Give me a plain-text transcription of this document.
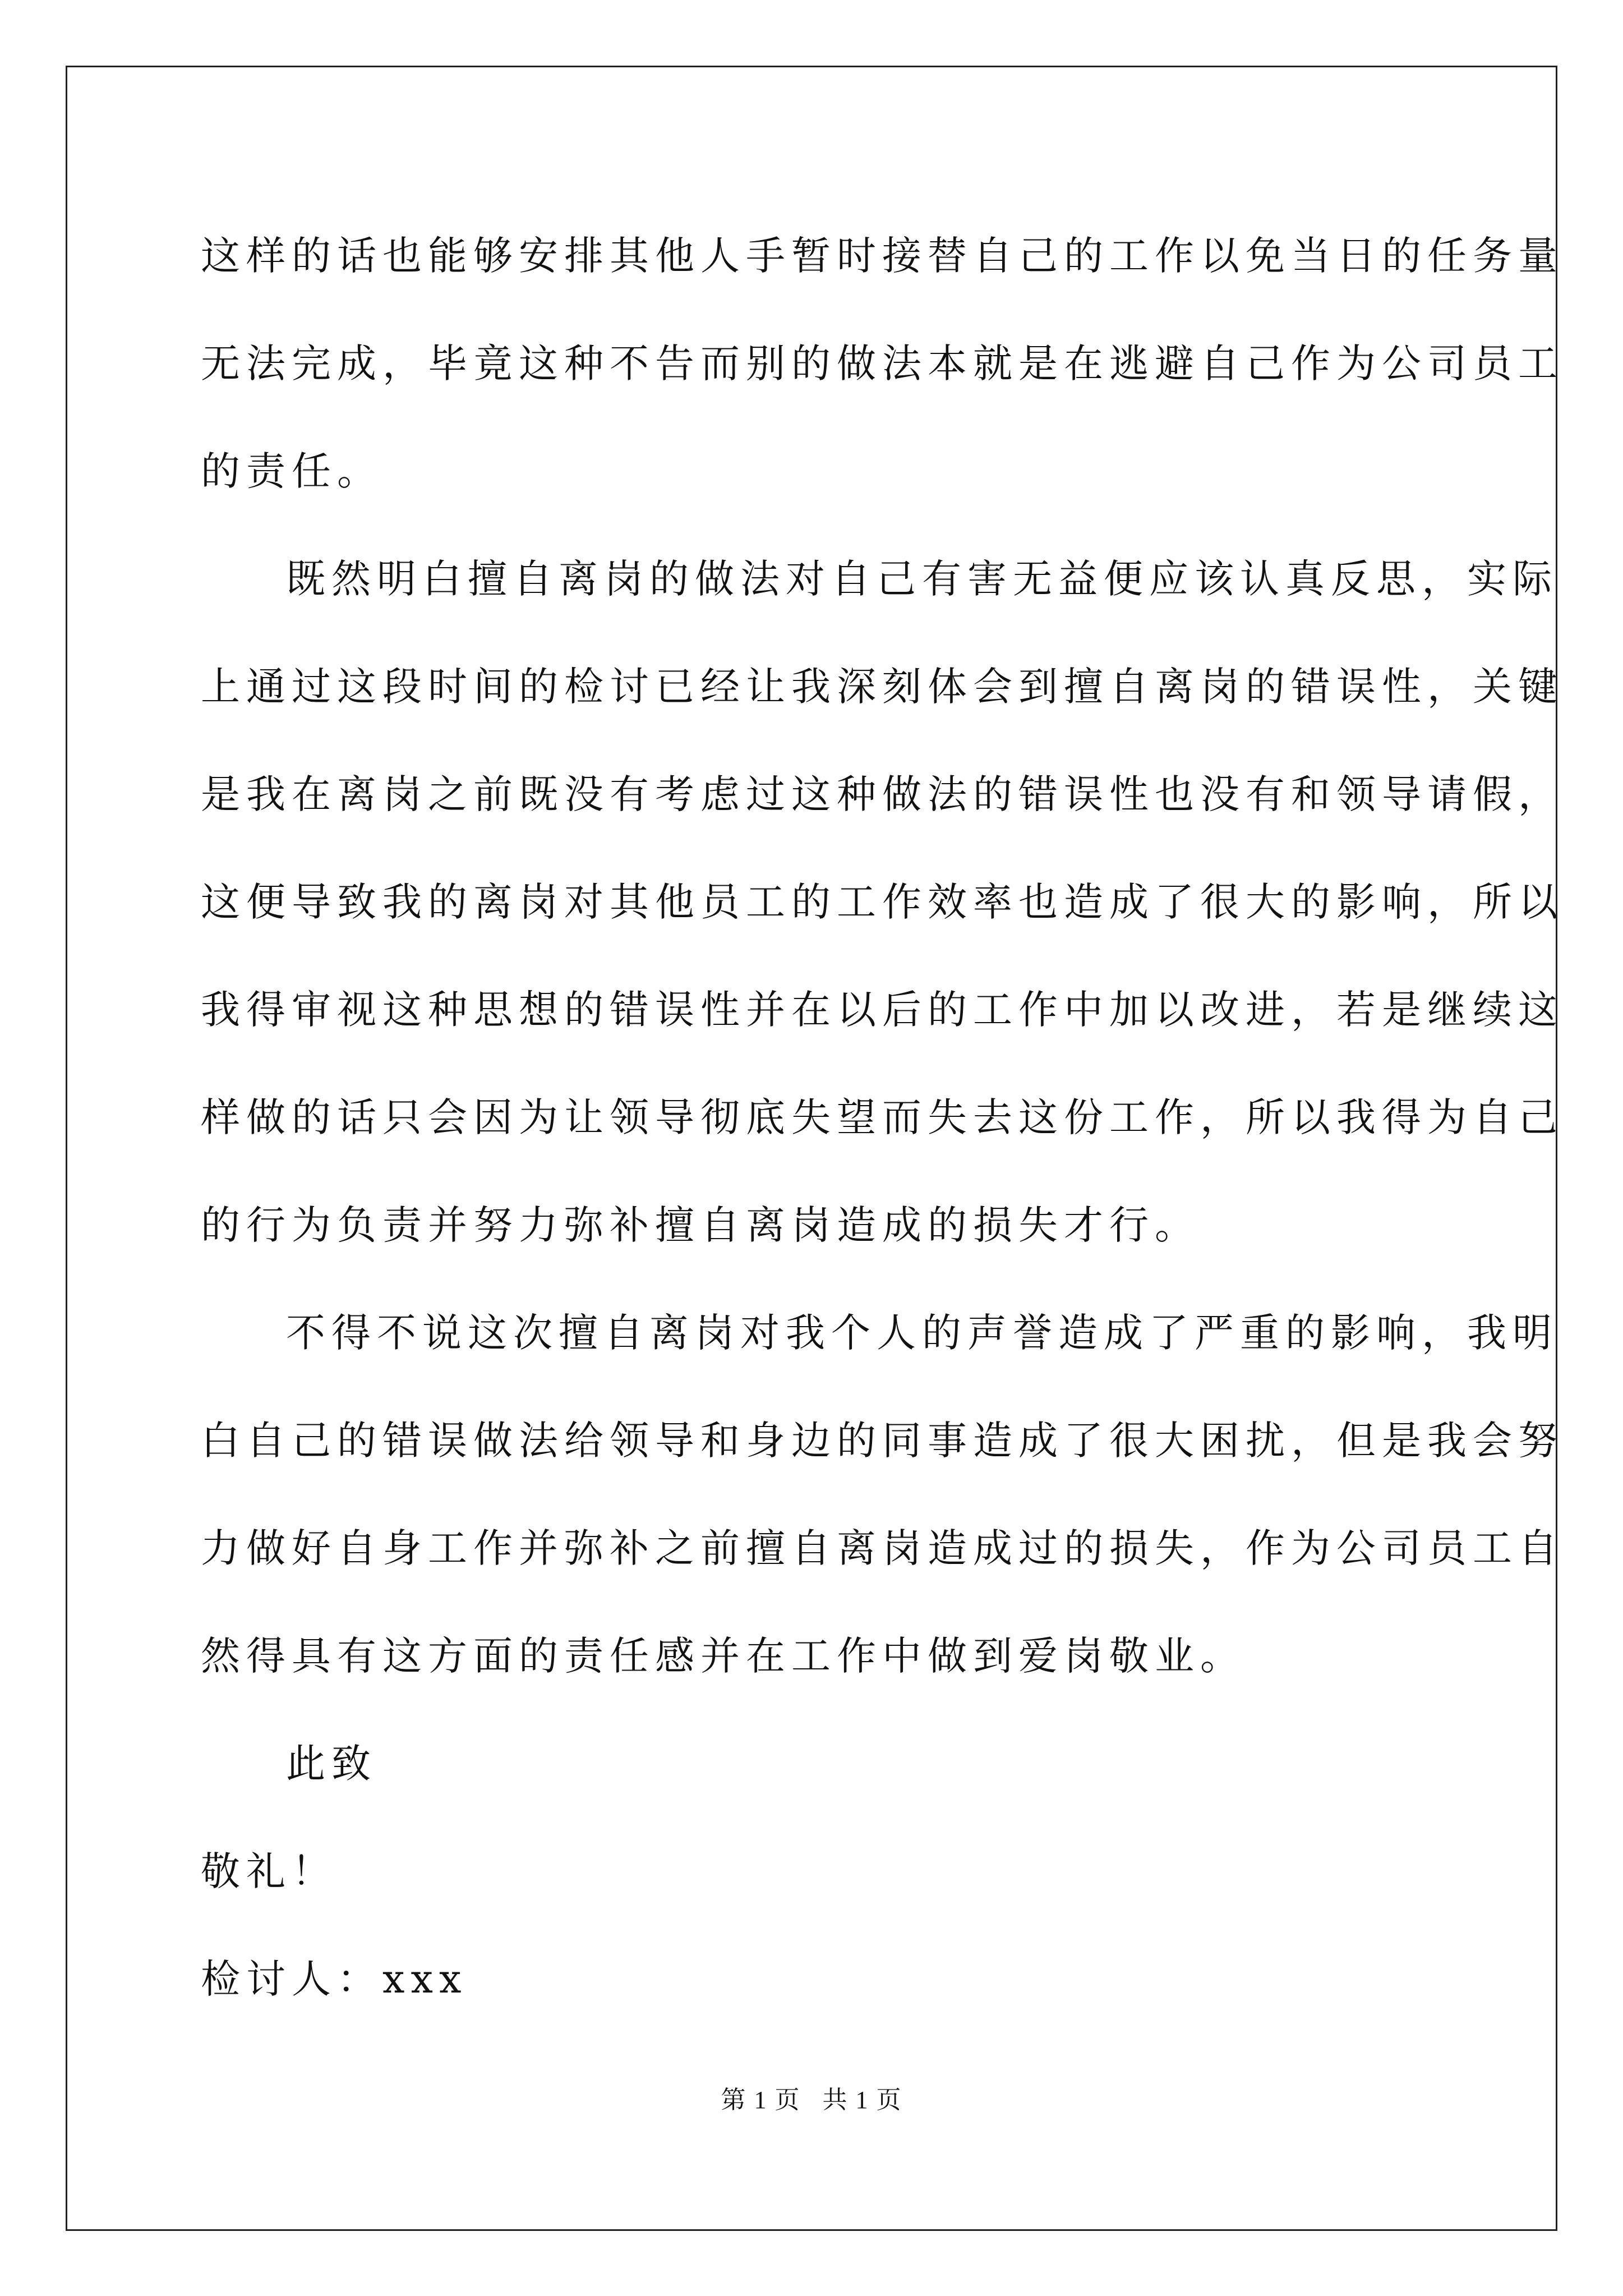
这样的话也能够安排其他人手暂时接替自己的工作以免当日的任务量
无法完成，毕竟这种不告而别的做法本就是在逃避自己作为公司员工
的责任。

既然明白擅自离岗的做法对自己有害无益便应该认真反思，实际
上通过这段时间的检讨已经让我深刻体会到擅自离岗的错误性，关键
是我在离岗之前既没有考虑过这种做法的错误性也没有和领导请假，
这便导致我的离岗对其他员工的工作效率也造成了很大的影响，所以
我得审视这种思想的错误性并在以后的工作中加以改进，若是继续这
样做的话只会因为让领导彻底失望而失去这份工作，所以我得为自己
的行为负责并努力弥补擅自离岗造成的损失才行。

不得不说这次擅自离岗对我个人的声誉造成了严重的影响，我明
白自己的错误做法给领导和身边的同事造成了很大困扰，但是我会努
力做好自身工作并弥补之前擅自离岗造成过的损失，作为公司员工自
然得具有这方面的责任感并在工作中做到爱岗敬业。

此致

敬礼！

检讨人：xxx

第 1 页   共 1 页
